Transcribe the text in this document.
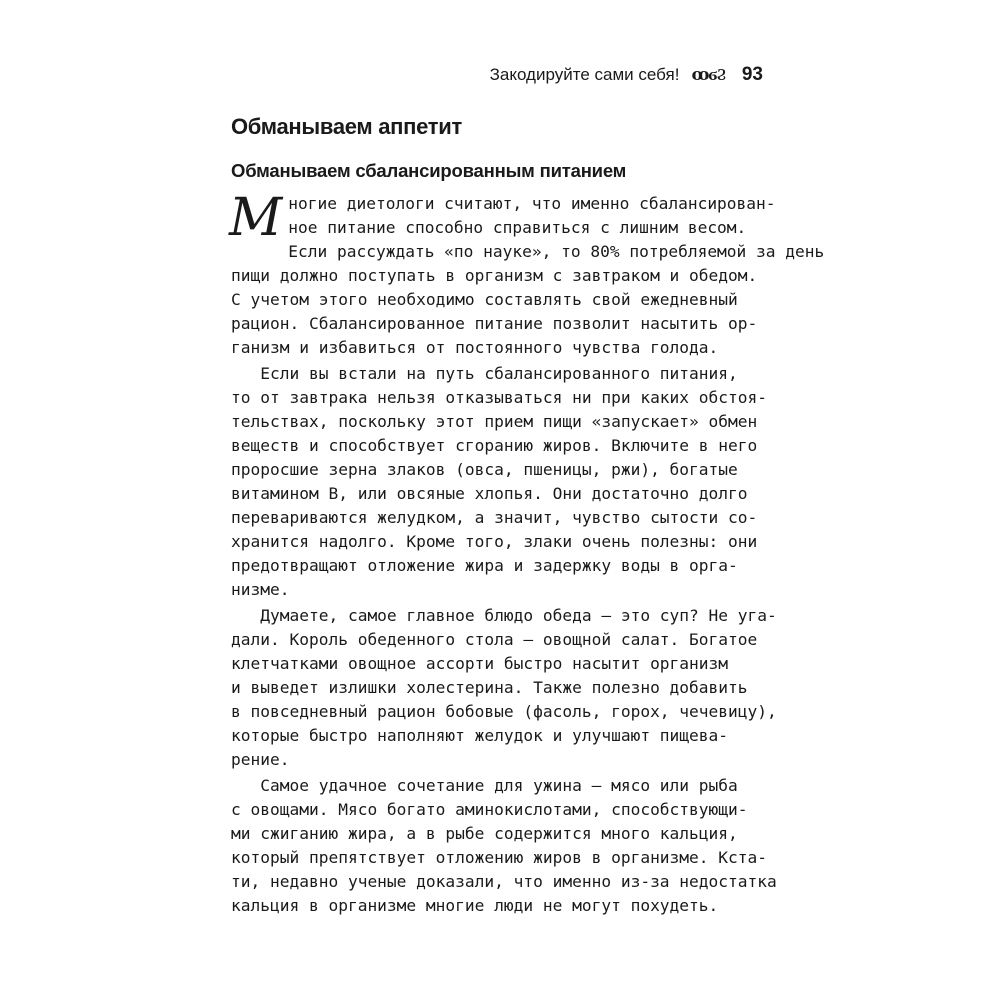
Закодируйте сами себя! ꝏϭϨ 93
Обманываем аппетит
Обманываем сбалансированным питанием
М ногие диетологи считают, что именно сбалансирован-
ное питание способно справиться с лишним весом.
Если рассуждать «по науке», то 80% потребляемой за день
пищи должно поступать в организм с завтраком и обедом.
С учетом этого необходимо составлять свой ежедневный
рацион. Сбалансированное питание позволит насытить ор-
ганизм и избавиться от постоянного чувства голода.
Если вы встали на путь сбалансированного питания,
то от завтрака нельзя отказываться ни при каких обстоя-
тельствах, поскольку этот прием пищи «запускает» обмен
веществ и способствует сгоранию жиров. Включите в него
проросшие зерна злаков (овса, пшеницы, ржи), богатые
витамином В, или овсяные хлопья. Они достаточно долго
перевариваются желудком, а значит, чувство сытости со-
хранится надолго. Кроме того, злаки очень полезны: они
предотвращают отложение жира и задержку воды в орга-
низме.
Думаете, самое главное блюдо обеда — это суп? Не уга-
дали. Король обеденного стола — овощной салат. Богатое
клетчатками овощное ассорти быстро насытит организм
и выведет излишки холестерина. Также полезно добавить
в повседневный рацион бобовые (фасоль, горох, чечевицу),
которые быстро наполняют желудок и улучшают пищева-
рение.
Самое удачное сочетание для ужина — мясо или рыба
с овощами. Мясо богато аминокислотами, способствующи-
ми сжиганию жира, а в рыбе содержится много кальция,
который препятствует отложению жиров в организме. Кста-
ти, недавно ученые доказали, что именно из-за недостатка
кальция в организме многие люди не могут похудеть.
